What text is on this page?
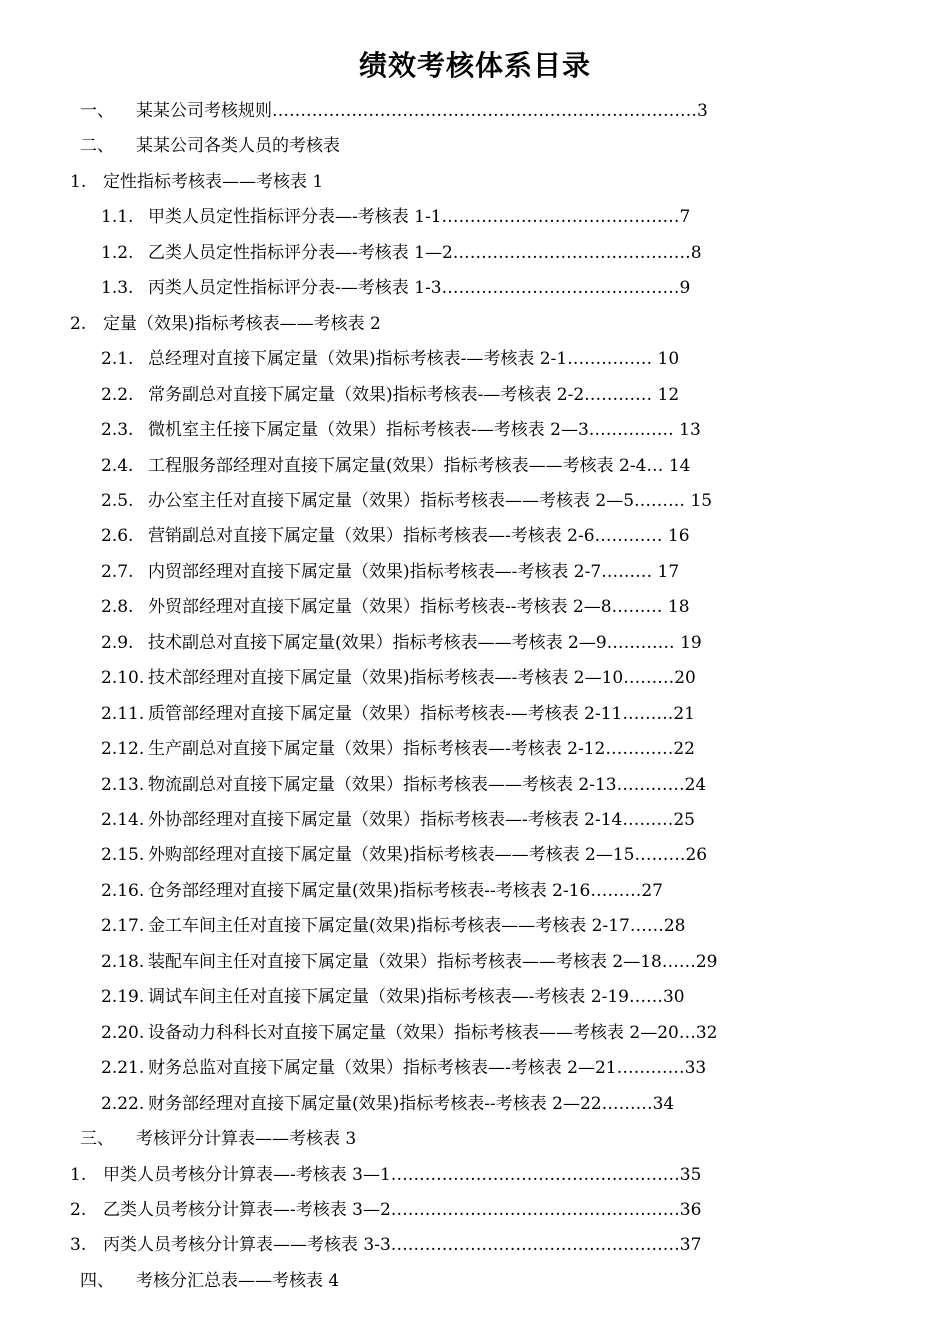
绩效考核体系目录
一、 某某公司考核规则…………………………………………………………………3
二、 某某公司各类人员的考核表
1. 定性指标考核表——考核表 1
1.1. 甲类人员定性指标评分表—-考核表 1-1……………………………………7
1.2. 乙类人员定性指标评分表—-考核表 1—2……………………………………8
1.3. 丙类人员定性指标评分表-—考核表 1-3……………………………………9
2. 定量（效果)指标考核表——考核表 2
2.1. 总经理对直接下属定量（效果)指标考核表-—考核表 2-1…………… 10
2.2. 常务副总对直接下属定量（效果)指标考核表-—考核表 2-2………… 12
2.3. 微机室主任接下属定量（效果）指标考核表-—考核表 2—3…………… 13
2.4. 工程服务部经理对直接下属定量(效果）指标考核表——考核表 2-4… 14
2.5. 办公室主任对直接下属定量（效果）指标考核表——考核表 2—5……… 15
2.6. 营销副总对直接下属定量（效果）指标考核表—-考核表 2-6………… 16
2.7. 内贸部经理对直接下属定量（效果)指标考核表—-考核表 2-7……… 17
2.8. 外贸部经理对直接下属定量（效果）指标考核表--考核表 2—8……… 18
2.9. 技术副总对直接下属定量(效果）指标考核表——考核表 2—9………… 19
2.10. 技术部经理对直接下属定量（效果)指标考核表—-考核表 2—10………20
2.11. 质管部经理对直接下属定量（效果）指标考核表-—考核表 2-11………21
2.12. 生产副总对直接下属定量（效果）指标考核表—-考核表 2-12…………22
2.13. 物流副总对直接下属定量（效果）指标考核表——考核表 2-13…………24
2.14. 外协部经理对直接下属定量（效果）指标考核表—-考核表 2-14………25
2.15. 外购部经理对直接下属定量（效果)指标考核表——考核表 2—15………26
2.16. 仓务部经理对直接下属定量(效果)指标考核表--考核表 2-16………27
2.17. 金工车间主任对直接下属定量(效果)指标考核表——考核表 2-17……28
2.18. 装配车间主任对直接下属定量（效果）指标考核表——考核表 2—18……29
2.19. 调试车间主任对直接下属定量（效果)指标考核表—-考核表 2-19……30
2.20. 设备动力科科长对直接下属定量（效果）指标考核表——考核表 2—20…32
2.21. 财务总监对直接下属定量（效果）指标考核表—-考核表 2—21…………33
2.22. 财务部经理对直接下属定量(效果)指标考核表--考核表 2—22………34
三、 考核评分计算表——考核表 3
1. 甲类人员考核分计算表—-考核表 3—1……………………………………………35
2. 乙类人员考核分计算表—-考核表 3—2……………………………………………36
3. 丙类人员考核分计算表——考核表 3-3……………………………………………37
四、 考核分汇总表——考核表 4
